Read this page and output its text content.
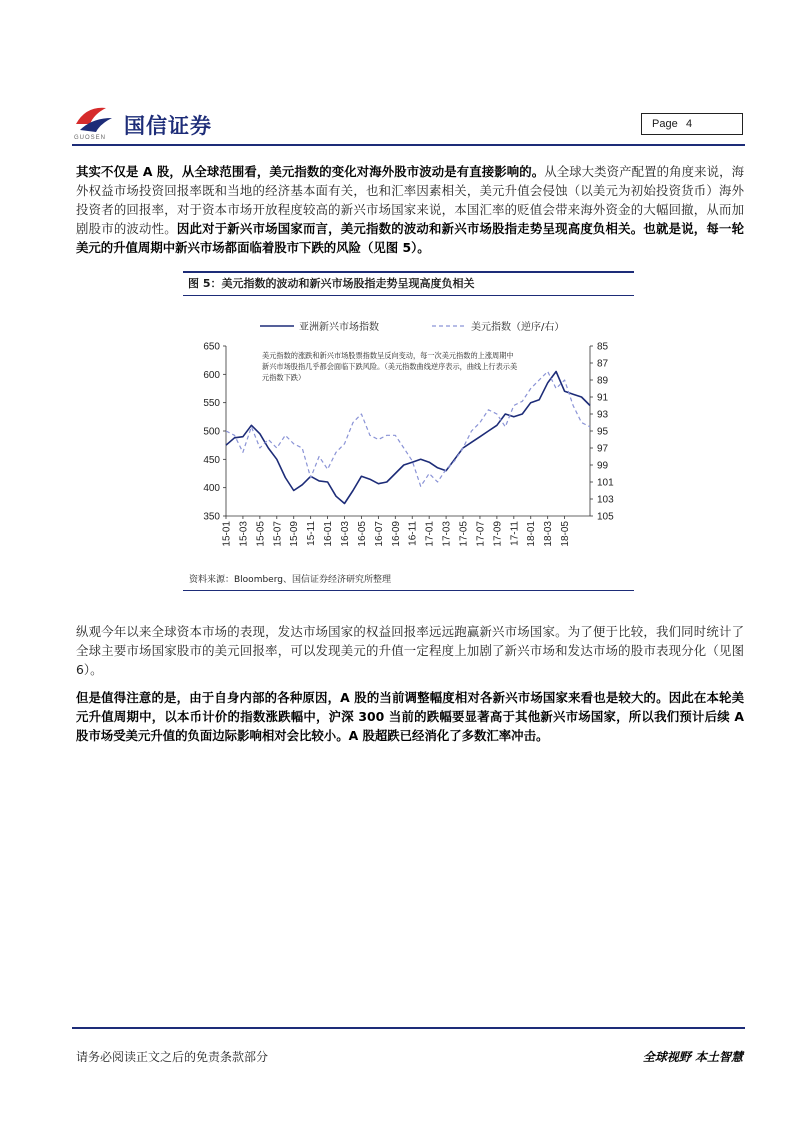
国信证券
GUOSEN
Page 4

其实不仅是 A 股，从全球范围看，美元指数的变化对海外股市波动是有直接影响的。从全球大类资产配置的角度来说，海外权益市场投资回报率既和当地的经济基本面有关，也和汇率因素相关，美元升值会侵蚀（以美元为初始投资货币）海外投资者的回报率，对于资本市场开放程度较高的新兴市场国家来说，本国汇率的贬值会带来海外资金的大幅回撤，从而加剧股市的波动性。因此对于新兴市场国家而言，美元指数的波动和新兴市场股指走势呈现高度负相关。也就是说，每一轮美元的升值周期中新兴市场都面临着股市下跌的风险（见图 5）。

图 5：美元指数的波动和新兴市场股指走势呈现高度负相关
亚洲新兴市场指数	美元指数（逆序/右）
650
600
550
500
450
400
350
85
87
89
91
93
95
97
99
101
103
105
15-01 15-03 15-05 15-07 15-09 15-11 16-01 16-03 16-05 16-07 16-09 16-11 17-01 17-03 17-05 17-07 17-09 17-11 18-01 18-03 18-05
美元指数的涨跌和新兴市场股票指数呈反向变动，每一次美元指数的上涨周期中新兴市场股指几乎都会面临下跌风险。（美元指数曲线逆序表示，曲线上行表示美元指数下跌）
资料来源：Bloomberg、国信证券经济研究所整理

纵观今年以来全球资本市场的表现，发达市场国家的权益回报率远远跑赢新兴市场国家。为了便于比较，我们同时统计了全球主要市场国家股市的美元回报率，可以发现美元的升值一定程度上加剧了新兴市场和发达市场的股市表现分化（见图 6）。

但是值得注意的是，由于自身内部的各种原因，A 股的当前调整幅度相对各新兴市场国家来看也是较大的。因此在本轮美元升值周期中，以本币计价的指数涨跌幅中，沪深 300 当前的跌幅要显著高于其他新兴市场国家，所以我们预计后续 A 股市场受美元升值的负面边际影响相对会比较小。A 股超跌已经消化了多数汇率冲击。

请务必阅读正文之后的免责条款部分	全球视野 本土智慧
